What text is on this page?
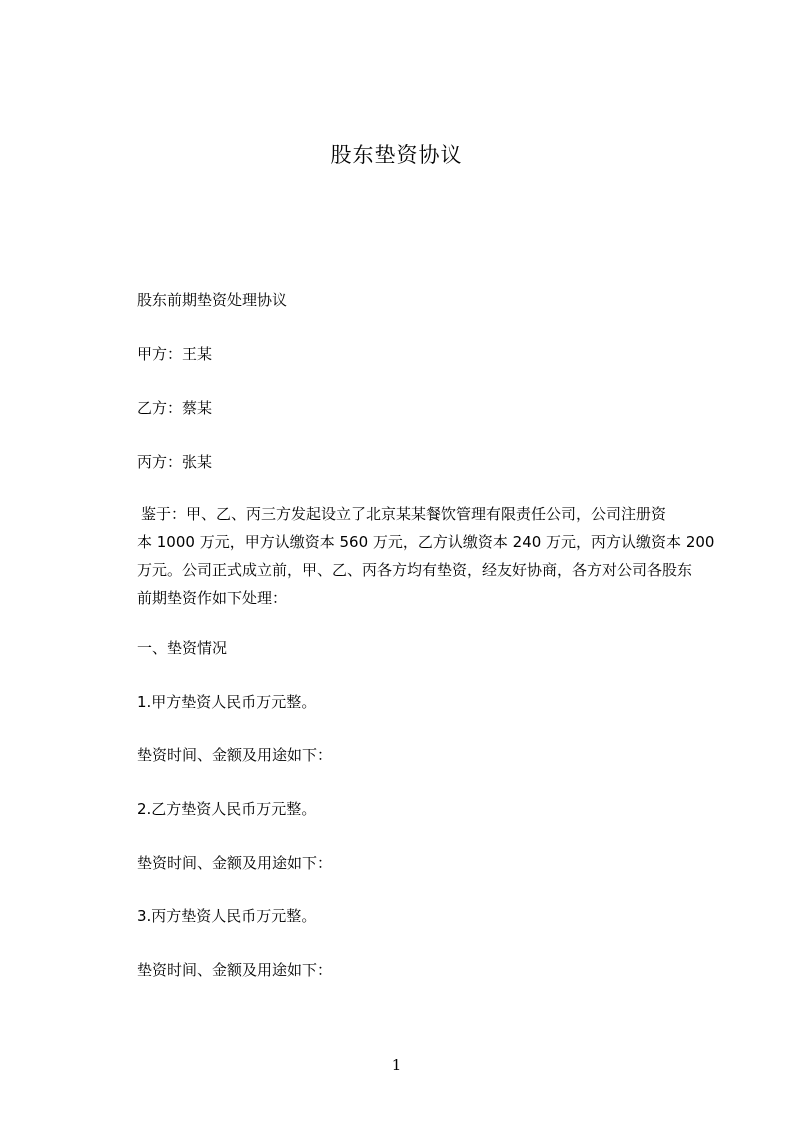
股东垫资协议
股东前期垫资处理协议
甲方：王某
乙方：蔡某
丙方：张某
鉴于：甲、乙、丙三方发起设立了北京某某餐饮管理有限责任公司，公司注册资
本 1000 万元，甲方认缴资本 560 万元，乙方认缴资本 240 万元，丙方认缴资本 200
万元。公司正式成立前，甲、乙、丙各方均有垫资，经友好协商，各方对公司各股东
前期垫资作如下处理：
一、垫资情况
1.甲方垫资人民币万元整。
垫资时间、金额及用途如下：
2.乙方垫资人民币万元整。
垫资时间、金额及用途如下：
3.丙方垫资人民币万元整。
垫资时间、金额及用途如下：
1
